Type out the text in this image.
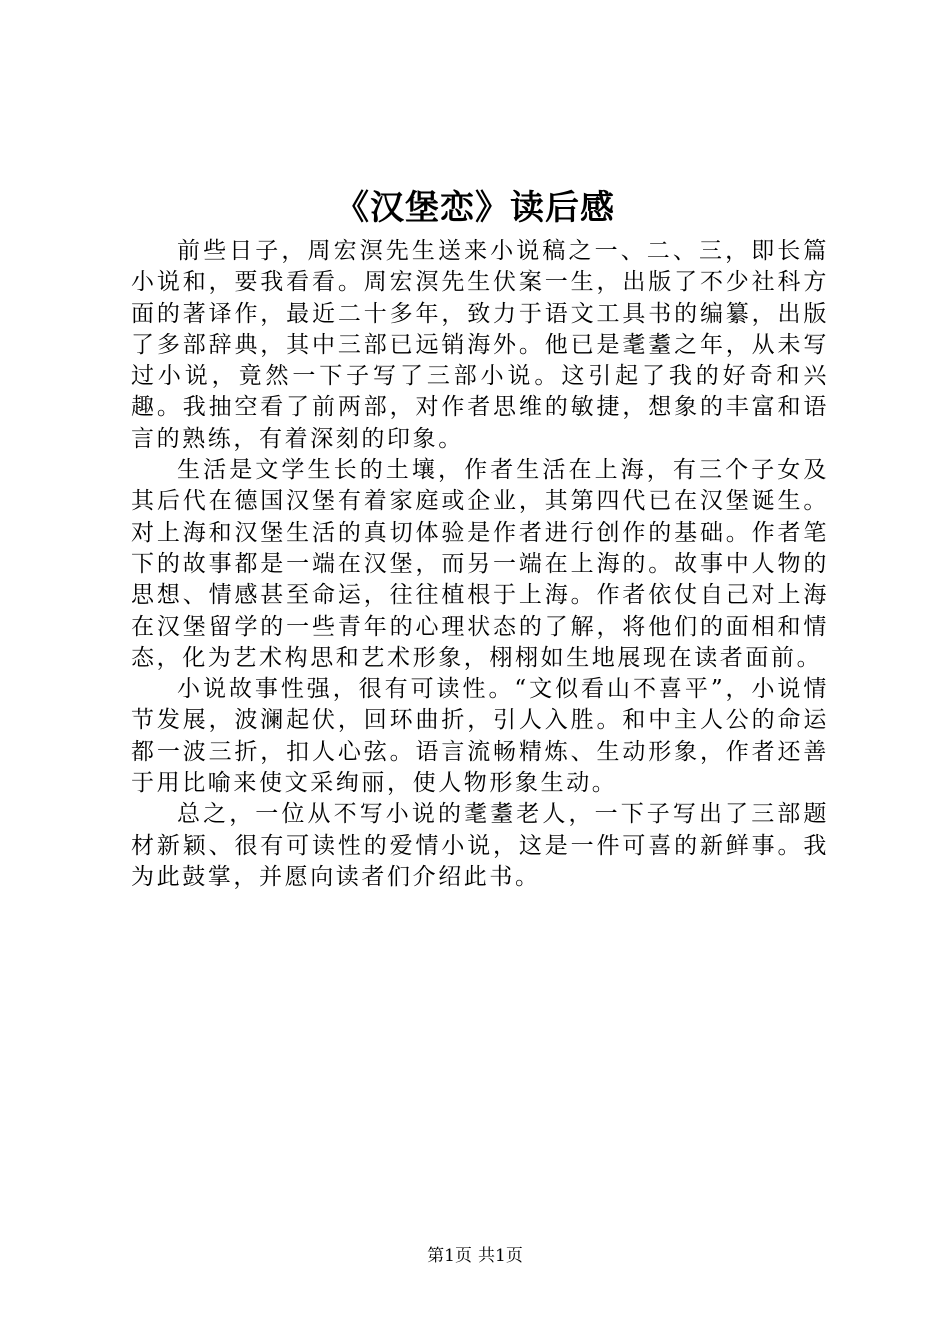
《汉堡恋》读后感

前些日子，周宏溟先生送来小说稿之一、二、三，即长篇小说和，要我看看。周宏溟先生伏案一生，出版了不少社科方面的著译作，最近二十多年，致力于语文工具书的编纂，出版了多部辞典，其中三部已远销海外。他已是耄耋之年，从未写过小说，竟然一下子写了三部小说。这引起了我的好奇和兴趣。我抽空看了前两部，对作者思维的敏捷，想象的丰富和语言的熟练，有着深刻的印象。

生活是文学生长的土壤，作者生活在上海，有三个子女及其后代在德国汉堡有着家庭或企业，其第四代已在汉堡诞生。对上海和汉堡生活的真切体验是作者进行创作的基础。作者笔下的故事都是一端在汉堡，而另一端在上海的。故事中人物的思想、情感甚至命运，往往植根于上海。作者依仗自己对上海在汉堡留学的一些青年的心理状态的了解，将他们的面相和情态，化为艺术构思和艺术形象，栩栩如生地展现在读者面前。

小说故事性强，很有可读性。“文似看山不喜平”，小说情节发展，波澜起伏，回环曲折，引人入胜。和中主人公的命运都一波三折，扣人心弦。语言流畅精炼、生动形象，作者还善于用比喻来使文采绚丽，使人物形象生动。

总之，一位从不写小说的耄耋老人，一下子写出了三部题材新颖、很有可读性的爱情小说，这是一件可喜的新鲜事。我为此鼓掌，并愿向读者们介绍此书。

第1页 共1页
